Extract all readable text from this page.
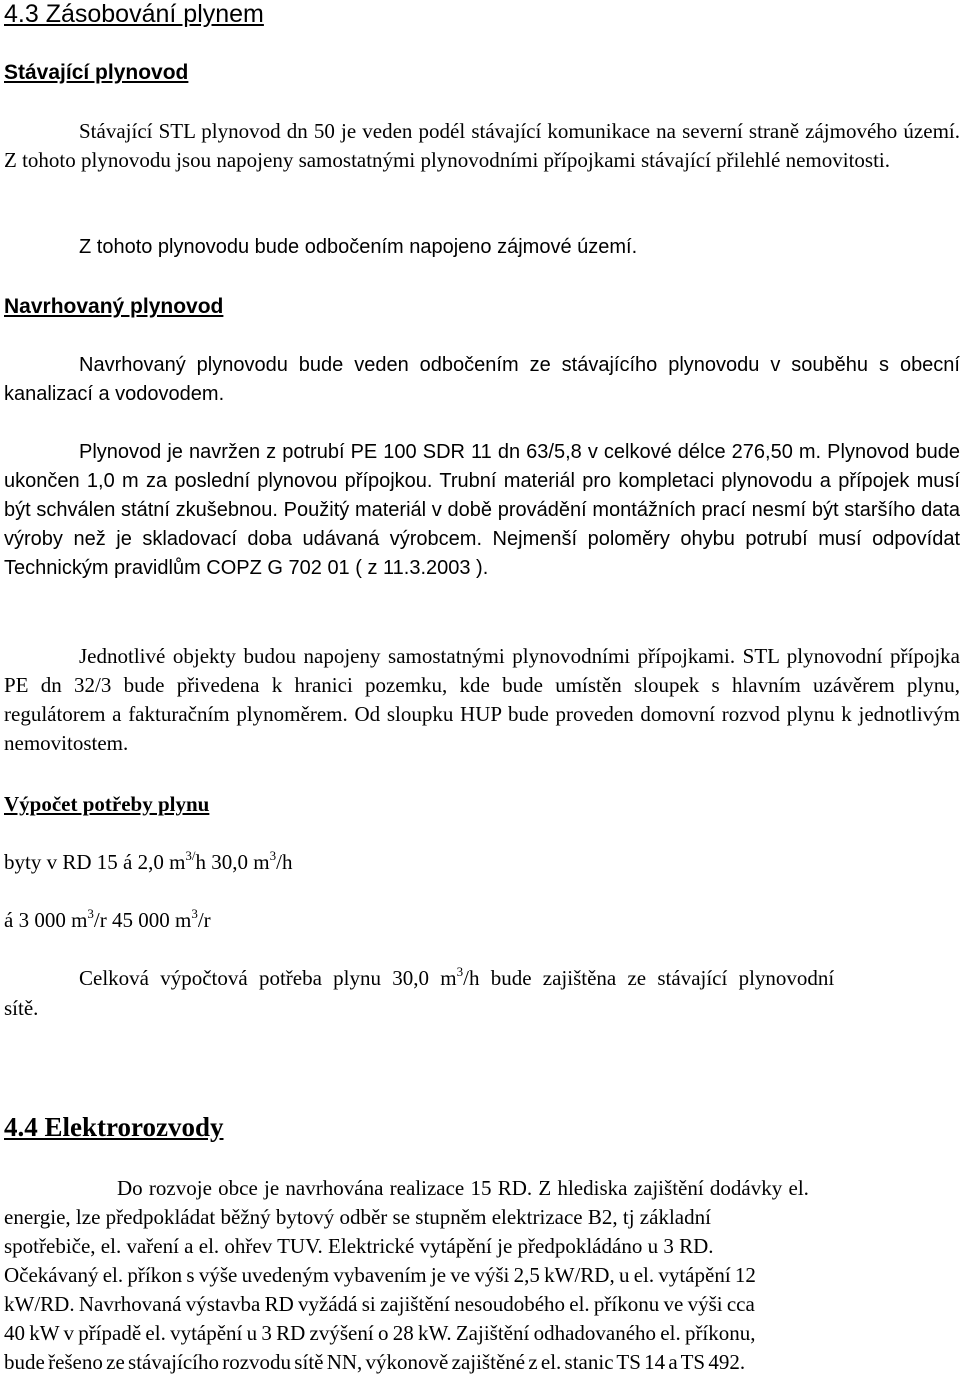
4.3 Zásobování plynem
Stávající plynovod

Stávající STL plynovod dn 50 je veden podél stávající komunikace na severní straně zájmového území. Z tohoto plynovodu jsou napojeny samostatnými plynovodními přípojkami stávající přilehlé nemovitosti.

Z tohoto plynovodu bude odbočením napojeno zájmové území.

Navrhovaný plynovod

Navrhovaný plynovodu bude veden odbočením ze stávajícího plynovodu v souběhu s obecní kanalizací a vodovodem.

Plynovod je navržen z potrubí PE 100 SDR 11 dn 63/5,8 v celkové délce 276,50 m. Plynovod bude ukončen 1,0 m za poslední plynovou přípojkou. Trubní materiál pro kompletaci plynovodu a přípojek musí být schválen státní zkušebnou. Použitý materiál v době provádění montážních prací nesmí být staršího data výroby než je skladovací doba udávaná výrobcem. Nejmenší poloměry ohybu potrubí musí odpovídat Technickým pravidlům COPZ G 702 01 ( z 11.3.2003 ).

Jednotlivé objekty budou napojeny samostatnými plynovodními přípojkami. STL plynovodní přípojka PE dn 32/3 bude přivedena k hranici pozemku, kde bude umístěn sloupek s hlavním uzávěrem plynu, regulátorem a fakturačním plynoměrem. Od sloupku HUP bude proveden domovní rozvod plynu k jednotlivým nemovitostem.

Výpočet potřeby plynu

byty v RD 15 á 2,0 $m^{3/}h$ 30,0 $m^3/h$

á 3 000 $m^3/r$ 45 000 $m^3/r$

Celková výpočtová potřeba plynu 30,0 $m^3/h$ bude zajištěna ze stávající plynovodní

sítě.

4.4 Elektrorozvody

Do rozvoje obce je navrhována realizace 15 RD. Z hlediska zajištění dodávky el.

energie, lze předpokládat běžný bytový odběr se stupněm elektrizace B2, tj základní

spotřebiče, el. vaření a el. ohřev TUV. Elektrické vytápění je předpokládáno u 3 RD.

Očekávaný el. příkon s výše uvedeným vybavením je ve výši 2,5 kW/RD, u el. vytápění 12

kW/RD. Navrhovaná výstavba RD vyžádá si zajištění nesoudobého el. příkonu ve výši cca

40 kW v případě el. vytápění u 3 RD zvýšení o 28 kW. Zajištění odhadovaného el. příkonu,

bude řešeno ze stávajícího rozvodu sítě NN, výkonově zajištěné z el. stanic TS 14 a TS 492.
